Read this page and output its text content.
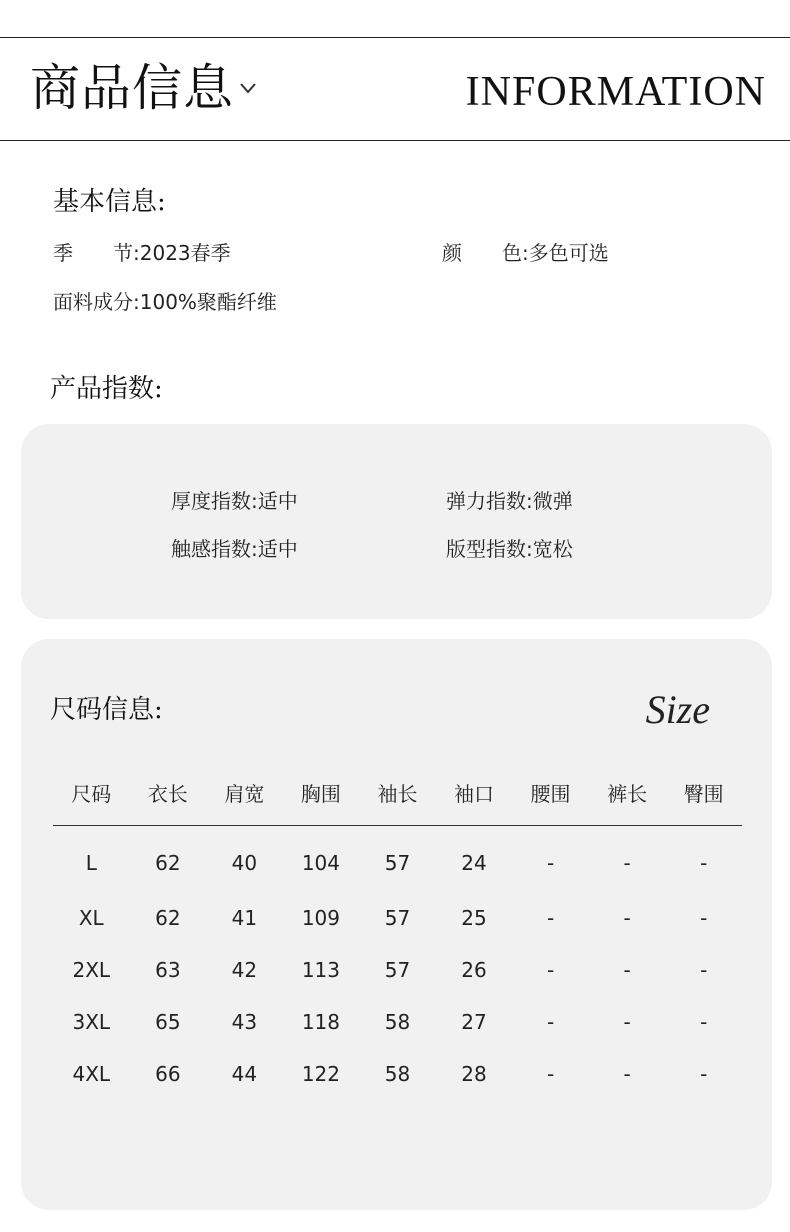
商品信息	INFORMATION
基本信息:
季　　节:2023春季	颜　　色:多色可选
面料成分:100%聚酯纤维
产品指数:
厚度指数:适中	弹力指数:微弹
触感指数:适中	版型指数:宽松
尺码信息:	Size
尺码	衣长	肩宽	胸围	袖长	袖口	腰围	裤长	臀围
L	62	40	104	57	24	-	-	-
XL	62	41	109	57	25	-	-	-
2XL	63	42	113	57	26	-	-	-
3XL	65	43	118	58	27	-	-	-
4XL	66	44	122	58	28	-	-	-
